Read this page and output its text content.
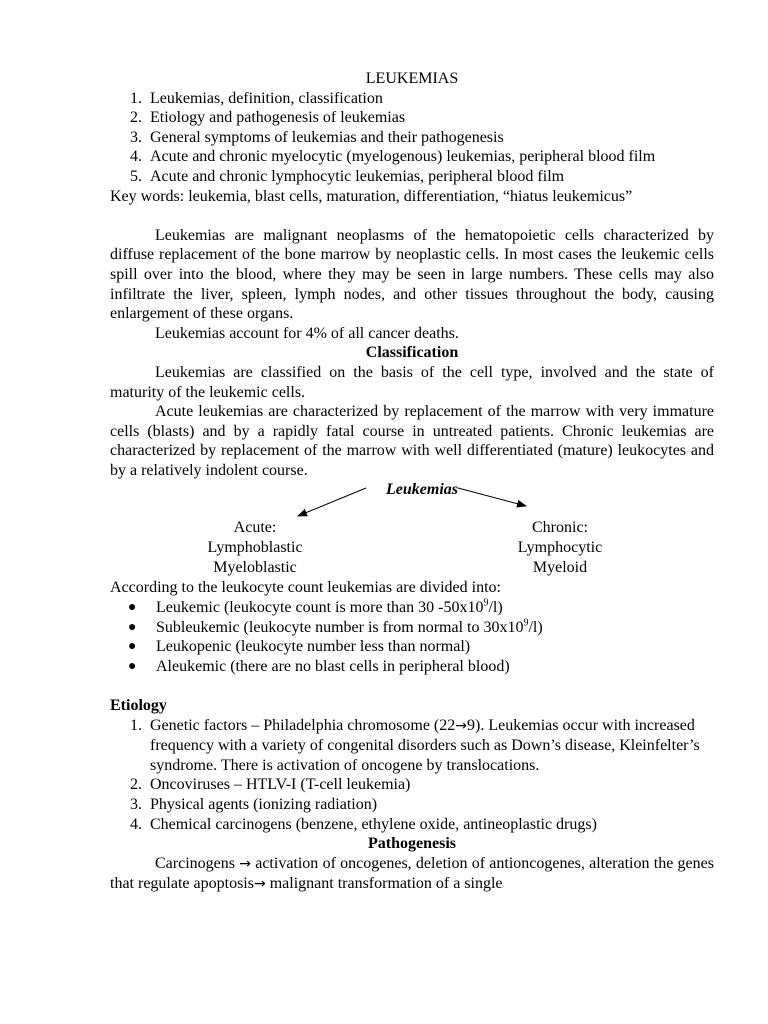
LEUKEMIAS
1. Leukemias, definition, classification
2. Etiology and pathogenesis of leukemias
3. General symptoms of leukemias and their pathogenesis
4. Acute and chronic myelocytic (myelogenous) leukemias, peripheral blood film
5. Acute and chronic lymphocytic leukemias, peripheral blood film
Key words: leukemia, blast cells, maturation, differentiation, “hiatus leukemicus”
Leukemias are malignant neoplasms of the hematopoietic cells characterized by diffuse replacement of the bone marrow by neoplastic cells. In most cases the leukemic cells spill over into the blood, where they may be seen in large numbers. These cells may also infiltrate the liver, spleen, lymph nodes, and other tissues throughout the body, causing enlargement of these organs.
Leukemias account for 4% of all cancer deaths.
Classification
Leukemias are classified on the basis of the cell type, involved and the state of maturity of the leukemic cells.
Acute leukemias are characterized by replacement of the marrow with very immature cells (blasts) and by a rapidly fatal course in untreated patients. Chronic leukemias are characterized by replacement of the marrow with well differentiated (mature) leukocytes and by a relatively indolent course.
Leukemias
Acute:
Lymphoblastic
Myeloblastic
Chronic:
Lymphocytic
Myeloid
According to the leukocyte count leukemias are divided into:
●	Leukemic (leukocyte count is more than 30 $-50x10^9/l$)
●	Subleukemic (leukocyte number is from normal to $30x10^9/l$)
●	Leukopenic (leukocyte number less than normal)
●	Aleukemic (there are no blast cells in peripheral blood)
Etiology
1. Genetic factors – Philadelphia chromosome (22→9). Leukemias occur with increased frequency with a variety of congenital disorders such as Down’s disease, Kleinfelter’s syndrome. There is activation of oncogene by translocations.
2. Oncoviruses – HTLV-I (T-cell leukemia)
3. Physical agents (ionizing radiation)
4. Chemical carcinogens (benzene, ethylene oxide, antineoplastic drugs)
Pathogenesis
Carcinogens → activation of oncogenes, deletion of antioncogenes, alteration the genes that regulate apoptosis→ malignant transformation of a single
